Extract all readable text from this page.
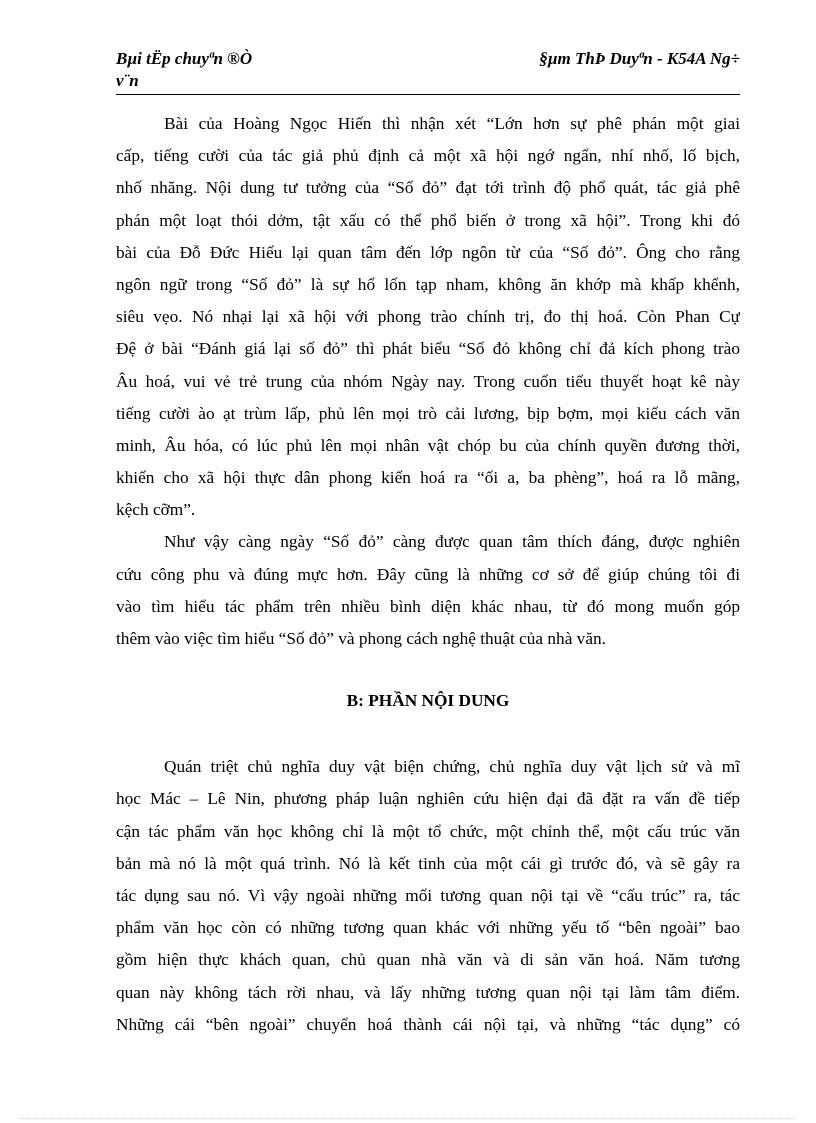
Bµi tËp chuyªn ®Ò
v¨n
§µm ThÞ Duyªn - K54A Ng÷
Bài của Hoàng Ngọc Hiến thì nhận xét “Lớn hơn sự phê phán một giai
cấp, tiếng cười của tác giả phủ định cả một xã hội ngớ ngẩn, nhí nhố, lố bịch,
nhố nhăng. Nội dung tư tưởng của “Số đỏ” đạt tới trình độ phổ quát, tác giả phê
phán một loạt thói dởm, tật xấu có thể phổ biến ở trong xã hội”. Trong khi đó
bài của Đỗ Đức Hiếu lại quan tâm đến lớp ngôn từ của “Số đỏ”. Ông cho rằng
ngôn ngữ trong “Số đỏ” là sự hổ lốn tạp nham, không ăn khớp mà khấp khểnh,
siêu vẹo. Nó nhại lại xã hội với phong trào chính trị, đo thị hoá. Còn Phan Cự
Đệ ở bài “Đánh giá lại số đỏ” thì phát biểu “Số đỏ không chỉ đả kích phong trào
Âu hoá, vui vẻ trẻ trung của nhóm Ngày nay. Trong cuốn tiểu thuyết hoạt kê này
tiếng cười ào ạt trùm lấp, phủ lên mọi trò cải lương, bịp bợm, mọi kiểu cách văn
minh, Âu hóa, có lúc phủ lên mọi nhân vật chóp bu của chính quyền đương thời,
khiến cho xã hội thực dân phong kiến hoá ra “ối a, ba phèng”, hoá ra lỗ mãng,
kệch cỡm”.
Như vậy càng ngày “Số đỏ” càng được quan tâm thích đáng, được nghiên
cứu công phu và đúng mực hơn. Đây cũng là những cơ sở để giúp chúng tôi đi
vào tìm hiểu tác phẩm trên nhiều bình diện khác nhau, từ đó mong muốn góp
thêm vào việc tìm hiểu “Số đỏ” và phong cách nghệ thuật của nhà văn.
B: PHẦN NỘI DUNG
Quán triệt chủ nghĩa duy vật biện chứng, chủ nghĩa duy vật lịch sử và mĩ
học Mác – Lê Nin, phương pháp luận nghiên cứu hiện đại đã đặt ra vấn đề tiếp
cận tác phẩm văn học không chỉ là một tổ chức, một chỉnh thể, một cấu trúc văn
bản mà nó là một quá trình. Nó là kết tinh của một cái gì trước đó, và sẽ gây ra
tác dụng sau nó. Vì vậy ngoài những mối tương quan nội tại về “cấu trúc” ra, tác
phẩm văn học còn có những tương quan khác với những yếu tố “bên ngoài” bao
gồm hiện thực khách quan, chủ quan nhà văn và di sản văn hoá. Năm tương
quan này không tách rời nhau, và lấy những tương quan nội tại làm tâm điểm.
Những cái “bên ngoài” chuyển hoá thành cái nội tại, và những “tác dụng” có
